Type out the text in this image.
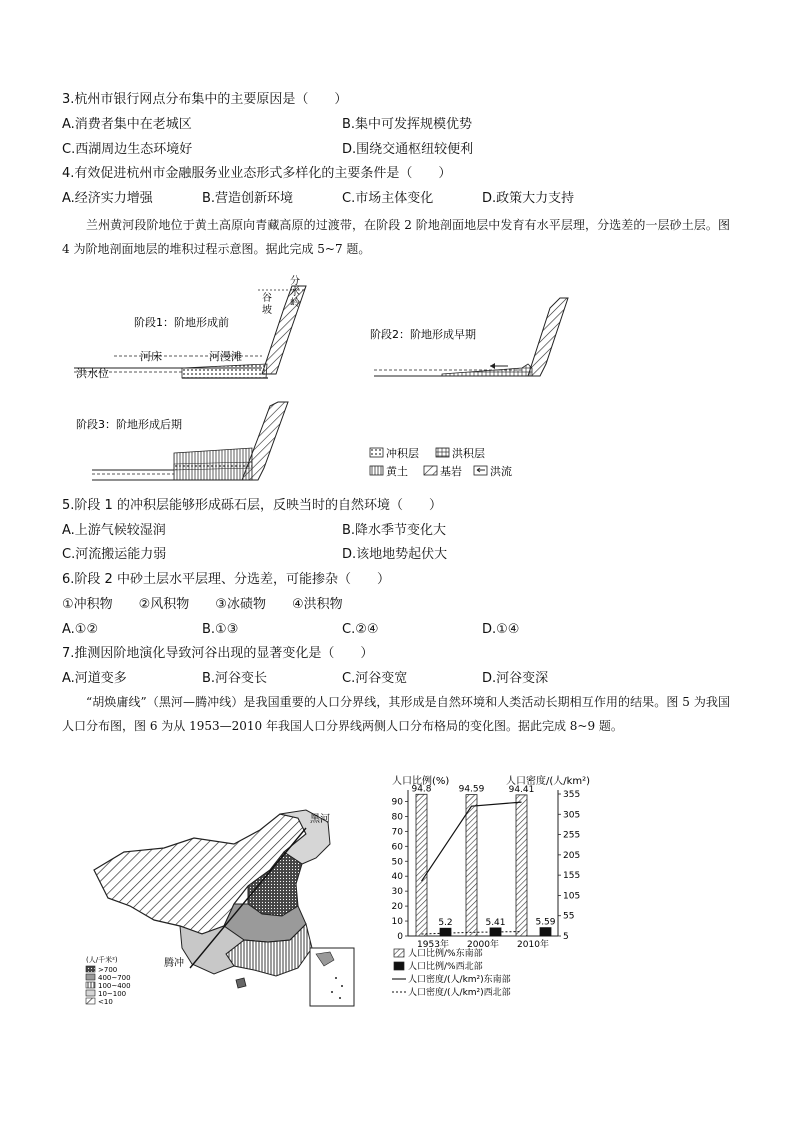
3.杭州市银行网点分布集中的主要原因是（　　）
A.消费者集中在老城区	B.集中可发挥规模优势
C.西湖周边生态环境好	D.围绕交通枢纽较便利
4.有效促进杭州市金融服务业业态形式多样化的主要条件是（　　）
A.经济实力增强	B.营造创新环境	C.市场主体变化	D.政策大力支持

兰州黄河段阶地位于黄土高原向青藏高原的过渡带，在阶段 2 阶地剖面地层中发育有水平层理，分选差的一层砂土层。图 4 为阶地剖面地层的堆积过程示意图。据此完成 5~7 题。

阶段1：阶地形成前
洪水位
河床	河漫滩
谷
坡
分
水
岭
阶段2：阶地形成早期
阶段3：阶地形成后期
冲积层	洪积层
黄土	基岩	洪流
5.阶段 1 的冲积层能够形成砾石层，反映当时的自然环境（　　）
A.上游气候较湿润	B.降水季节变化大
C.河流搬运能力弱	D.该地地势起伏大
6.阶段 2 中砂土层水平层理、分选差，可能掺杂（　　）
①冲积物　　②风积物　　③冰碛物　　④洪积物
A.①②	B.①③	C.②④	D.①④
7.推测因阶地演化导致河谷出现的显著变化是（　　）
A.河道变多	B.河谷变长	C.河谷变宽	D.河谷变深

“胡焕庸线”（黑河—腾冲线）是我国重要的人口分界线，其形成是自然环境和人类活动长期相互作用的结果。图 5 为我国人口分布图，图 6 为从 1953—2010 年我国人口分界线两侧人口分布格局的变化图。据此完成 8~9 题。

黑河
腾冲
(人/千米²)
>700
400~700
100~400
10~100
<10
人口比例(%)	人口密度/(人/km²)
0
10
20
30
40
50
60
70
80
90
5
55
105
155
205
255
305
355
94.8
5.2
1953年
94.59
5.41
2000年
94.41
5.59
2010年
人口比例/%东南部
人口比例/%西北部
人口密度/(人/km²)东南部
人口密度/(人/km²)西北部
